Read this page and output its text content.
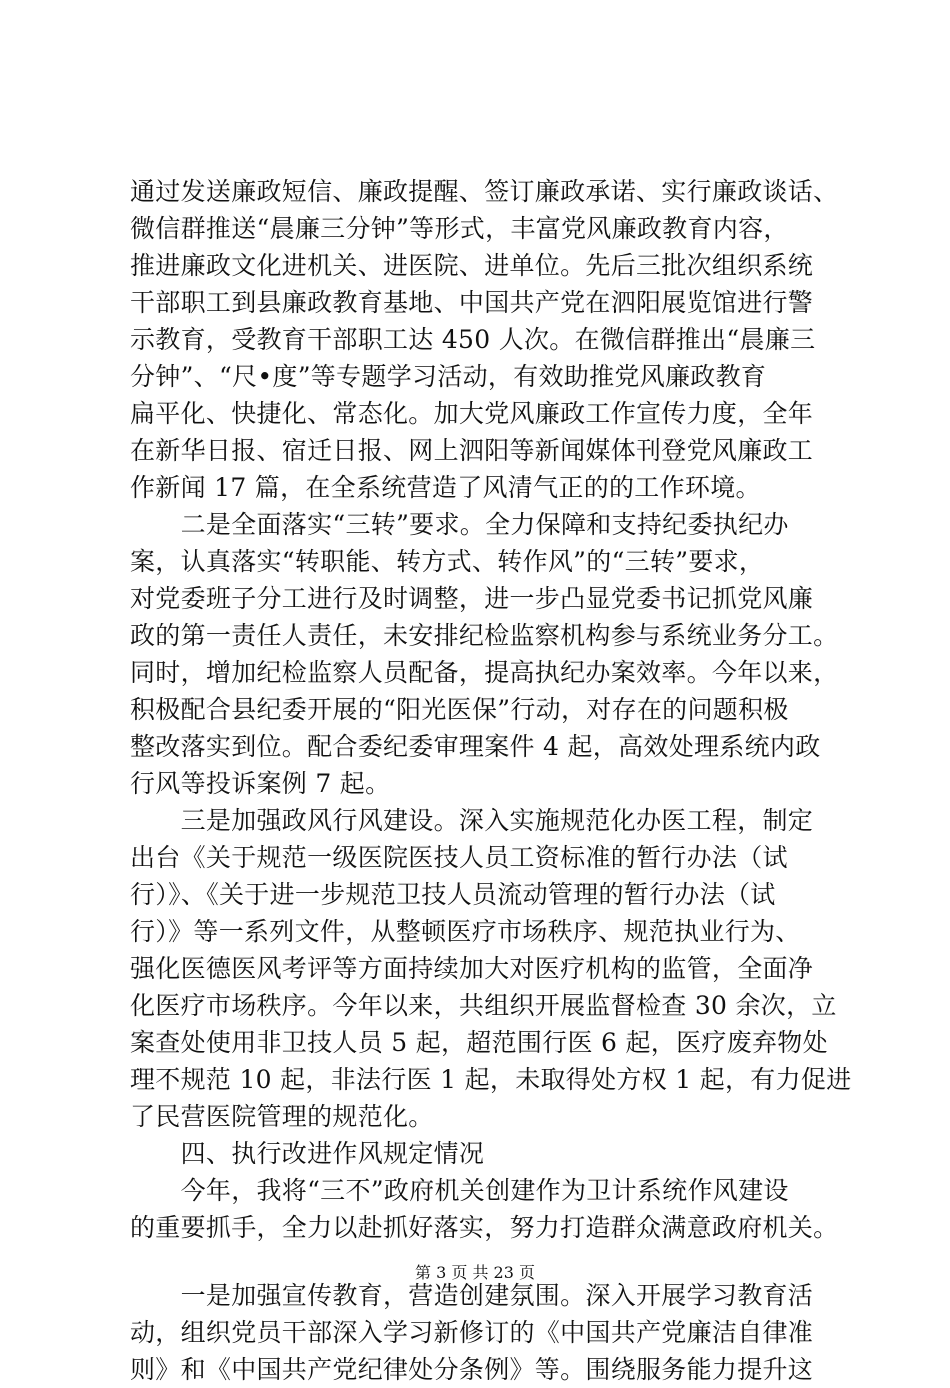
通过发送廉政短信、廉政提醒、签订廉政承诺、实行廉政谈话、
微信群推送“晨廉三分钟”等形式，丰富党风廉政教育内容，
推进廉政文化进机关、进医院、进单位。先后三批次组织系统
干部职工到县廉政教育基地、中国共产党在泗阳展览馆进行警
示教育，受教育干部职工达 450 人次。在微信群推出“晨廉三
分钟”、“尺•度”等专题学习活动，有效助推党风廉政教育
扁平化、快捷化、常态化。加大党风廉政工作宣传力度，全年
在新华日报、宿迁日报、网上泗阳等新闻媒体刊登党风廉政工
作新闻 17 篇，在全系统营造了风清气正的的工作环境。
　　二是全面落实“三转”要求。全力保障和支持纪委执纪办
案，认真落实“转职能、转方式、转作风”的“三转”要求，
对党委班子分工进行及时调整，进一步凸显党委书记抓党风廉
政的第一责任人责任，未安排纪检监察机构参与系统业务分工。
同时，增加纪检监察人员配备，提高执纪办案效率。今年以来，
积极配合县纪委开展的“阳光医保”行动，对存在的问题积极
整改落实到位。配合委纪委审理案件 4 起，高效处理系统内政
行风等投诉案例 7 起。
　　三是加强政风行风建设。深入实施规范化办医工程，制定
出台《关于规范一级医院医技人员工资标准的暂行办法（试
行）》、《关于进一步规范卫技人员流动管理的暂行办法（试
行）》等一系列文件，从整顿医疗市场秩序、规范执业行为、
强化医德医风考评等方面持续加大对医疗机构的监管，全面净
化医疗市场秩序。今年以来，共组织开展监督检查 30 余次，立
案查处使用非卫技人员 5 起，超范围行医 6 起，医疗废弃物处
理不规范 10 起，非法行医 1 起，未取得处方权 1 起，有力促进
了民营医院管理的规范化。
　　四、执行改进作风规定情况
　　今年，我将“三不”政府机关创建作为卫计系统作风建设
的重要抓手，全力以赴抓好落实，努力打造群众满意政府机关。
　　一是加强宣传教育，营造创建氛围。深入开展学习教育活
动，组织党员干部深入学习新修订的《中国共产党廉洁自律准
则》和《中国共产党纪律处分条例》等。围绕服务能力提升这
第 3 页 共 23 页
